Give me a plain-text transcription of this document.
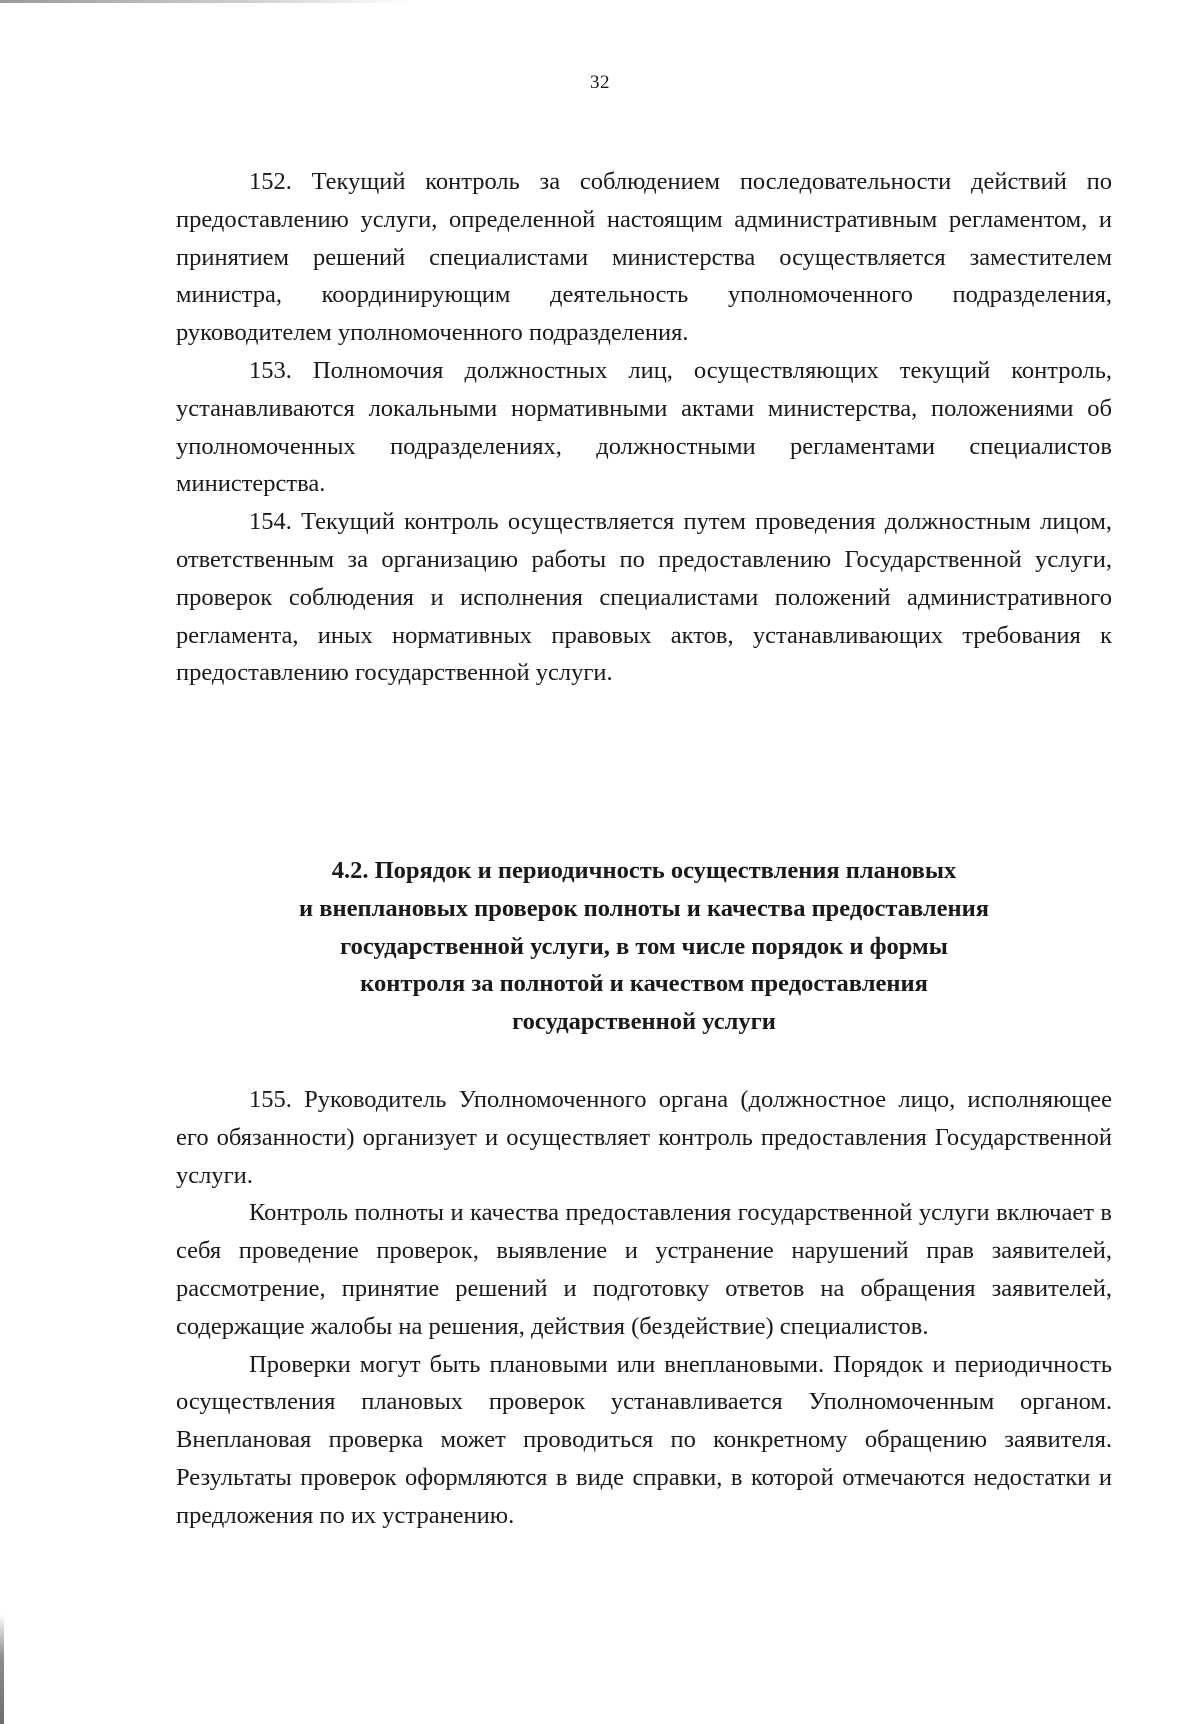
32

152. Текущий контроль за соблюдением последовательности действий по предоставлению услуги, определенной настоящим административным регламентом, и принятием решений специалистами министерства осуществляется заместителем министра, координирующим деятельность уполномоченного подразделения, руководителем уполномоченного подразделения.

153. Полномочия должностных лиц, осуществляющих текущий контроль, устанавливаются локальными нормативными актами министерства, положениями об уполномоченных подразделениях, должностными регламентами специалистов министерства.

154. Текущий контроль осуществляется путем проведения должностным лицом, ответственным за организацию работы по предоставлению Государственной услуги, проверок соблюдения и исполнения специалистами положений административного регламента, иных нормативных правовых актов, устанавливающих требования к предоставлению государственной услуги.

4.2. Порядок и периодичность осуществления плановых
и внеплановых проверок полноты и качества предоставления
государственной услуги, в том числе порядок и формы
контроля за полнотой и качеством предоставления
государственной услуги

155. Руководитель Уполномоченного органа (должностное лицо, исполняющее его обязанности) организует и осуществляет контроль предоставления Государственной услуги.

Контроль полноты и качества предоставления государственной услуги включает в себя проведение проверок, выявление и устранение нарушений прав заявителей, рассмотрение, принятие решений и подготовку ответов на обращения заявителей, содержащие жалобы на решения, действия (бездействие) специалистов.

Проверки могут быть плановыми или внеплановыми. Порядок и периодичность осуществления плановых проверок устанавливается Уполномоченным органом. Внеплановая проверка может проводиться по конкретному обращению заявителя. Результаты проверок оформляются в виде справки, в которой отмечаются недостатки и предложения по их устранению.
